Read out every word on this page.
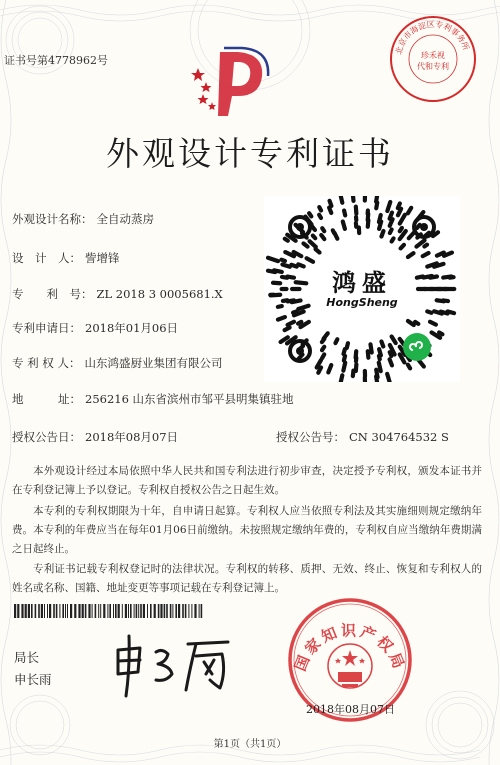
证书号第4778962号
北京市海淀区专利事务所
珍禾视
代和专利
外观设计专利证书
外观设计名称： 全自动蒸房
设　计　人： 訾增锋
专　　利　号： ZL 2018 3 0005681.X
专利申请日： 2018年01月06日
专 利 权 人： 山东鸿盛厨业集团有限公司
地　　　址： 256216 山东省滨州市邹平县明集镇驻地
授权公告日： 2018年08月07日	授权公告号： CN 304764532 S
鸿盛
HongSheng
本外观设计经过本局依照中华人民共和国专利法进行初步审查，决定授予专利权，颁发本证书并在专利登记簿上予以登记。专利权自授权公告之日起生效。
本专利的专利权期限为十年，自申请日起算。专利权人应当依照专利法及其实施细则规定缴纳年费。本专利的年费应当在每年01月06日前缴纳。未按照规定缴纳年费的，专利权自应当缴纳年费期满之日起终止。
专利证书记载专利权登记时的法律状况。专利权的转移、质押、无效、终止、恢复和专利权人的姓名或名称、国籍、地址变更等事项记载在专利登记簿上。
局长
申长雨
国家知识产权局
2018年08月07日
第1页（共1页）
